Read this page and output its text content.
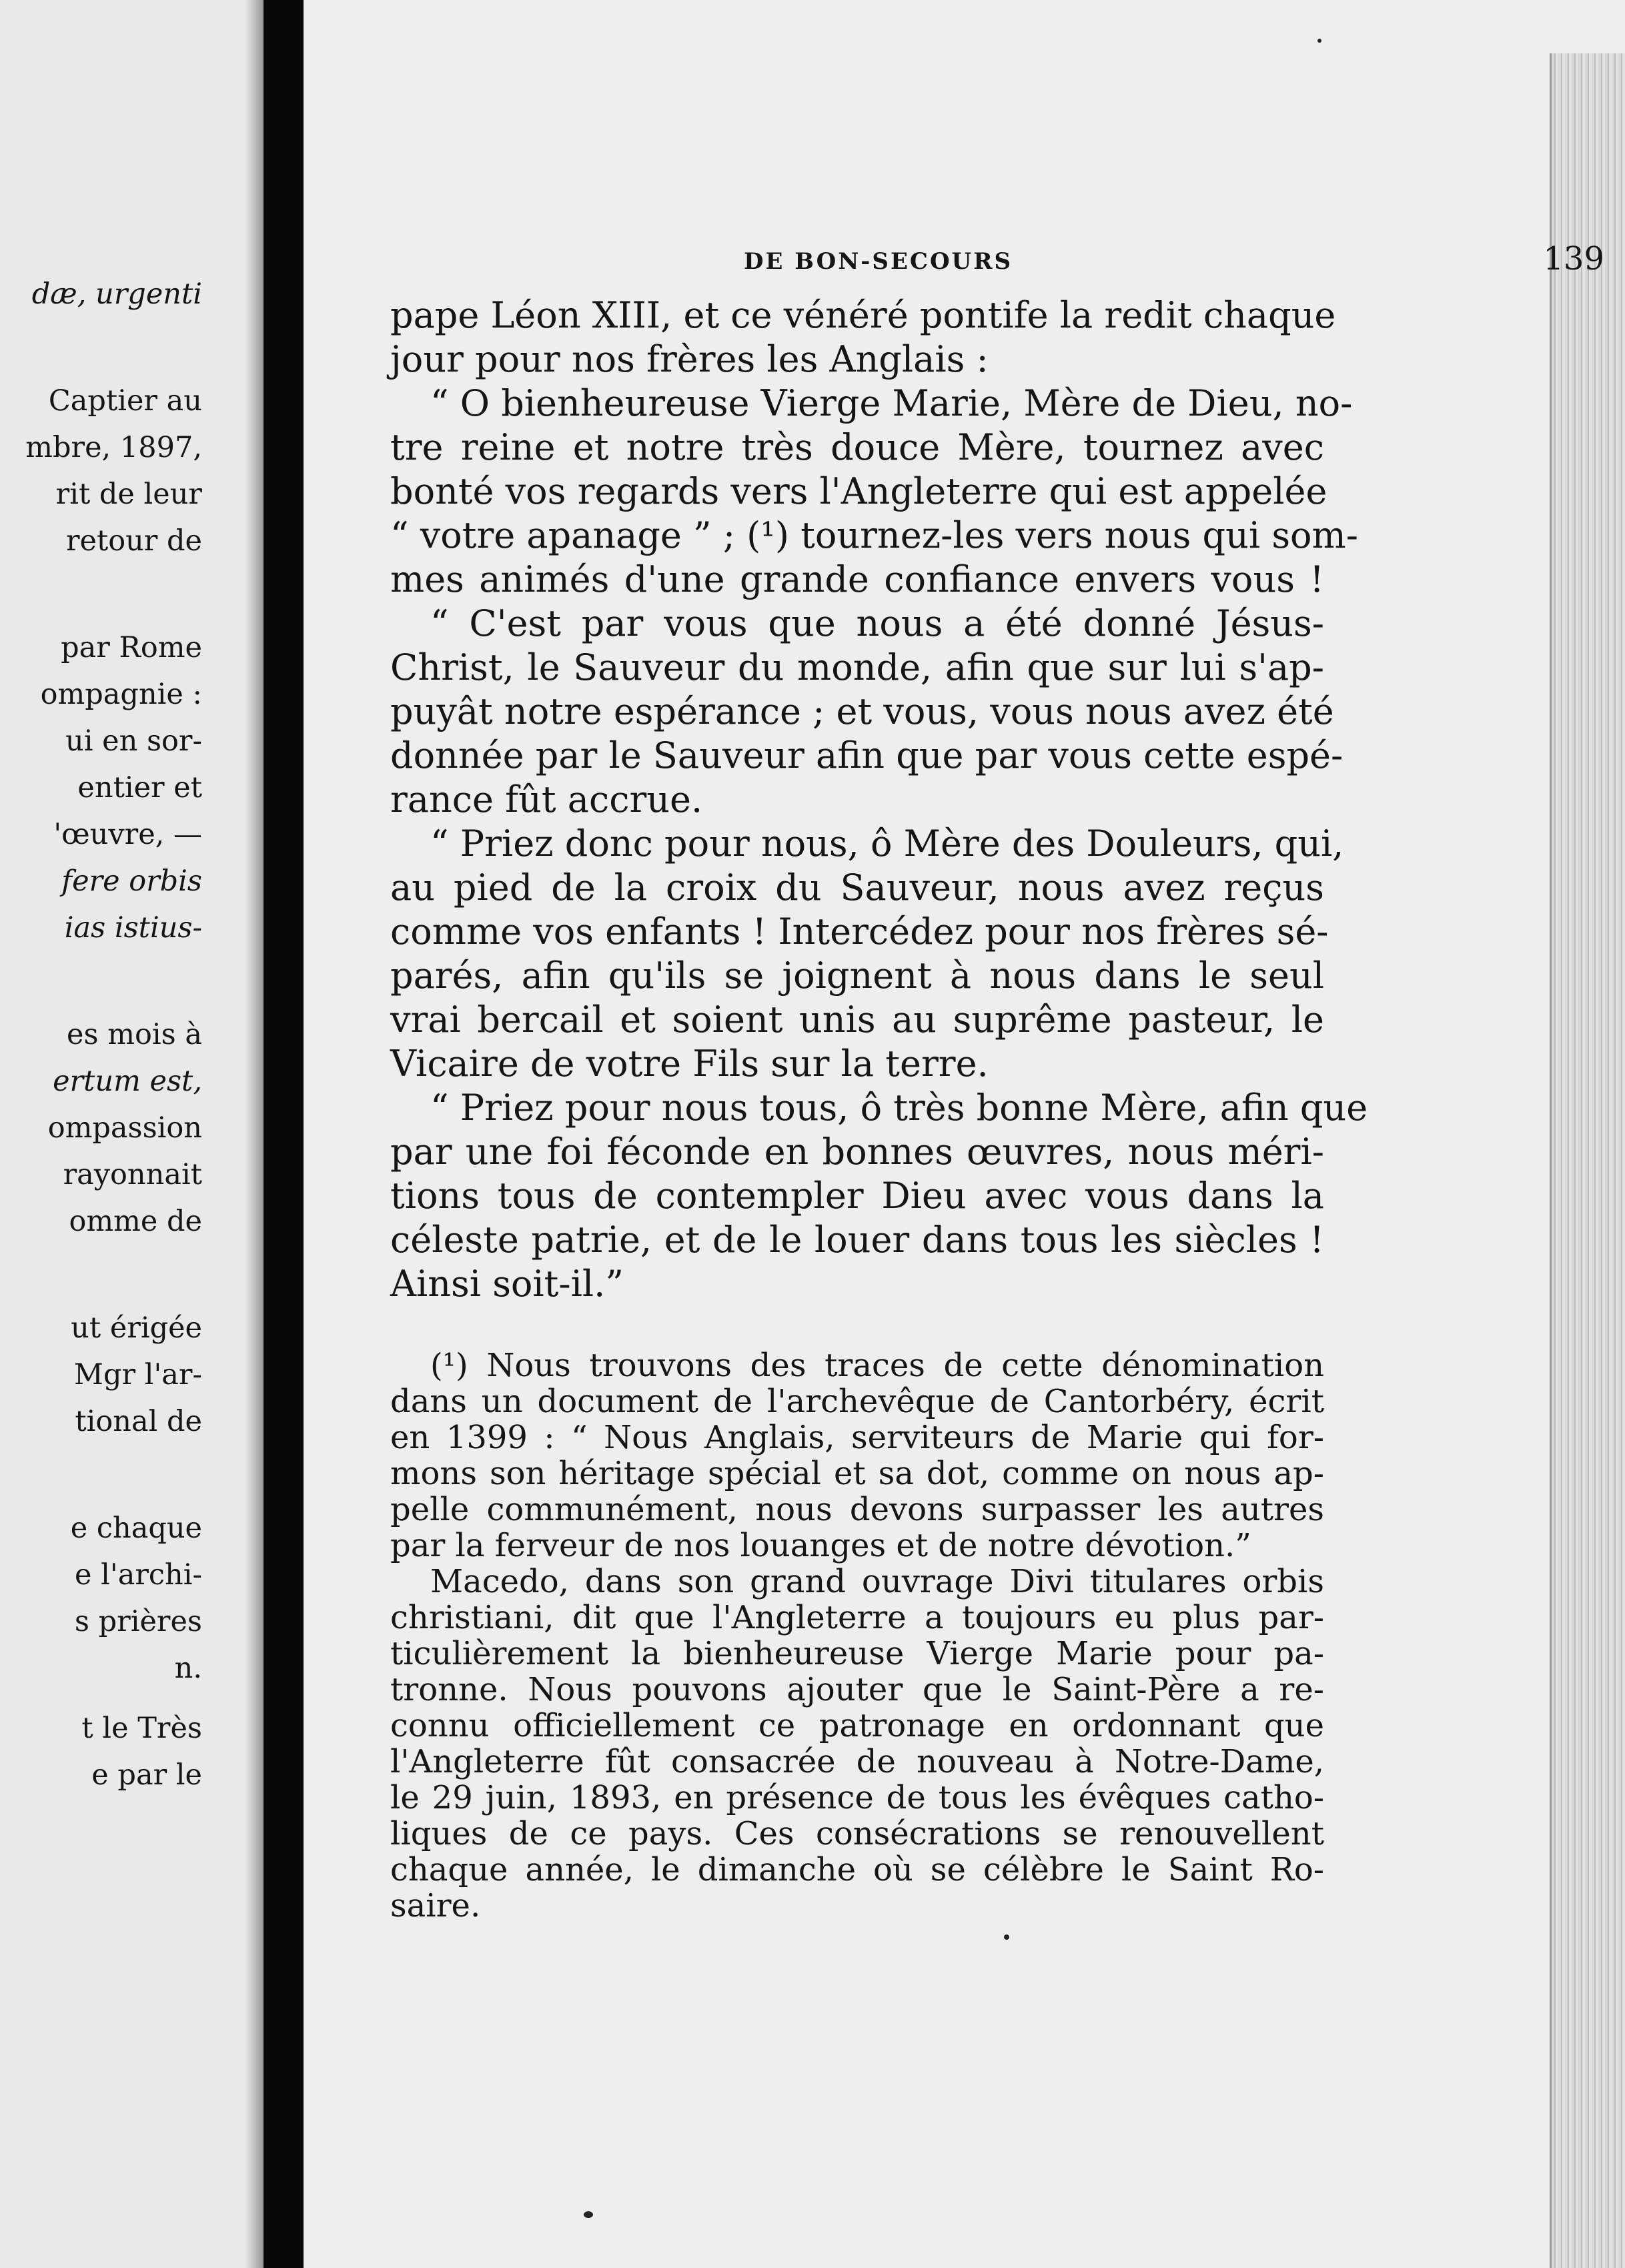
dæ, urgenti
Captier au
mbre, 1897,
rit de leur
retour de
par Rome
ompagnie :
ui en sor-
entier et
'œuvre, —
fere orbis
ias istius-
es mois à
ertum est,
ompassion
rayonnait
omme de
ut érigée
Mgr l'ar-
tional de
e chaque
e l'archi-
s prières
n.
t le Très
e par le
DE BON-SECOURS	139
pape Léon XIII, et ce vénéré pontife la redit chaque
jour pour nos frères les Anglais :
“ O bienheureuse Vierge Marie, Mère de Dieu, no-
tre reine et notre très douce Mère, tournez avec
bonté vos regards vers l'Angleterre qui est appelée
“ votre apanage ” ; (¹) tournez-les vers nous qui som-
mes animés d'une grande confiance envers vous !
“ C'est par vous que nous a été donné Jésus-
Christ, le Sauveur du monde, afin que sur lui s'ap-
puyât notre espérance ; et vous, vous nous avez été
donnée par le Sauveur afin que par vous cette espé-
rance fût accrue.
“ Priez donc pour nous, ô Mère des Douleurs, qui,
au pied de la croix du Sauveur, nous avez reçus
comme vos enfants ! Intercédez pour nos frères sé-
parés, afin qu'ils se joignent à nous dans le seul
vrai bercail et soient unis au suprême pasteur, le
Vicaire de votre Fils sur la terre.
“ Priez pour nous tous, ô très bonne Mère, afin que
par une foi féconde en bonnes œuvres, nous méri-
tions tous de contempler Dieu avec vous dans la
céleste patrie, et de le louer dans tous les siècles !
Ainsi soit-il.”
(¹) Nous trouvons des traces de cette dénomination
dans un document de l'archevêque de Cantorbéry, écrit
en 1399 : “ Nous Anglais, serviteurs de Marie qui for-
mons son héritage spécial et sa dot, comme on nous ap-
pelle communément, nous devons surpasser les autres
par la ferveur de nos louanges et de notre dévotion.”
Macedo, dans son grand ouvrage Divi titulares orbis
christiani, dit que l'Angleterre a toujours eu plus par-
ticulièrement la bienheureuse Vierge Marie pour pa-
tronne. Nous pouvons ajouter que le Saint-Père a re-
connu officiellement ce patronage en ordonnant que
l'Angleterre fût consacrée de nouveau à Notre-Dame,
le 29 juin, 1893, en présence de tous les évêques catho-
liques de ce pays. Ces consécrations se renouvellent
chaque année, le dimanche où se célèbre le Saint Ro-
saire.
